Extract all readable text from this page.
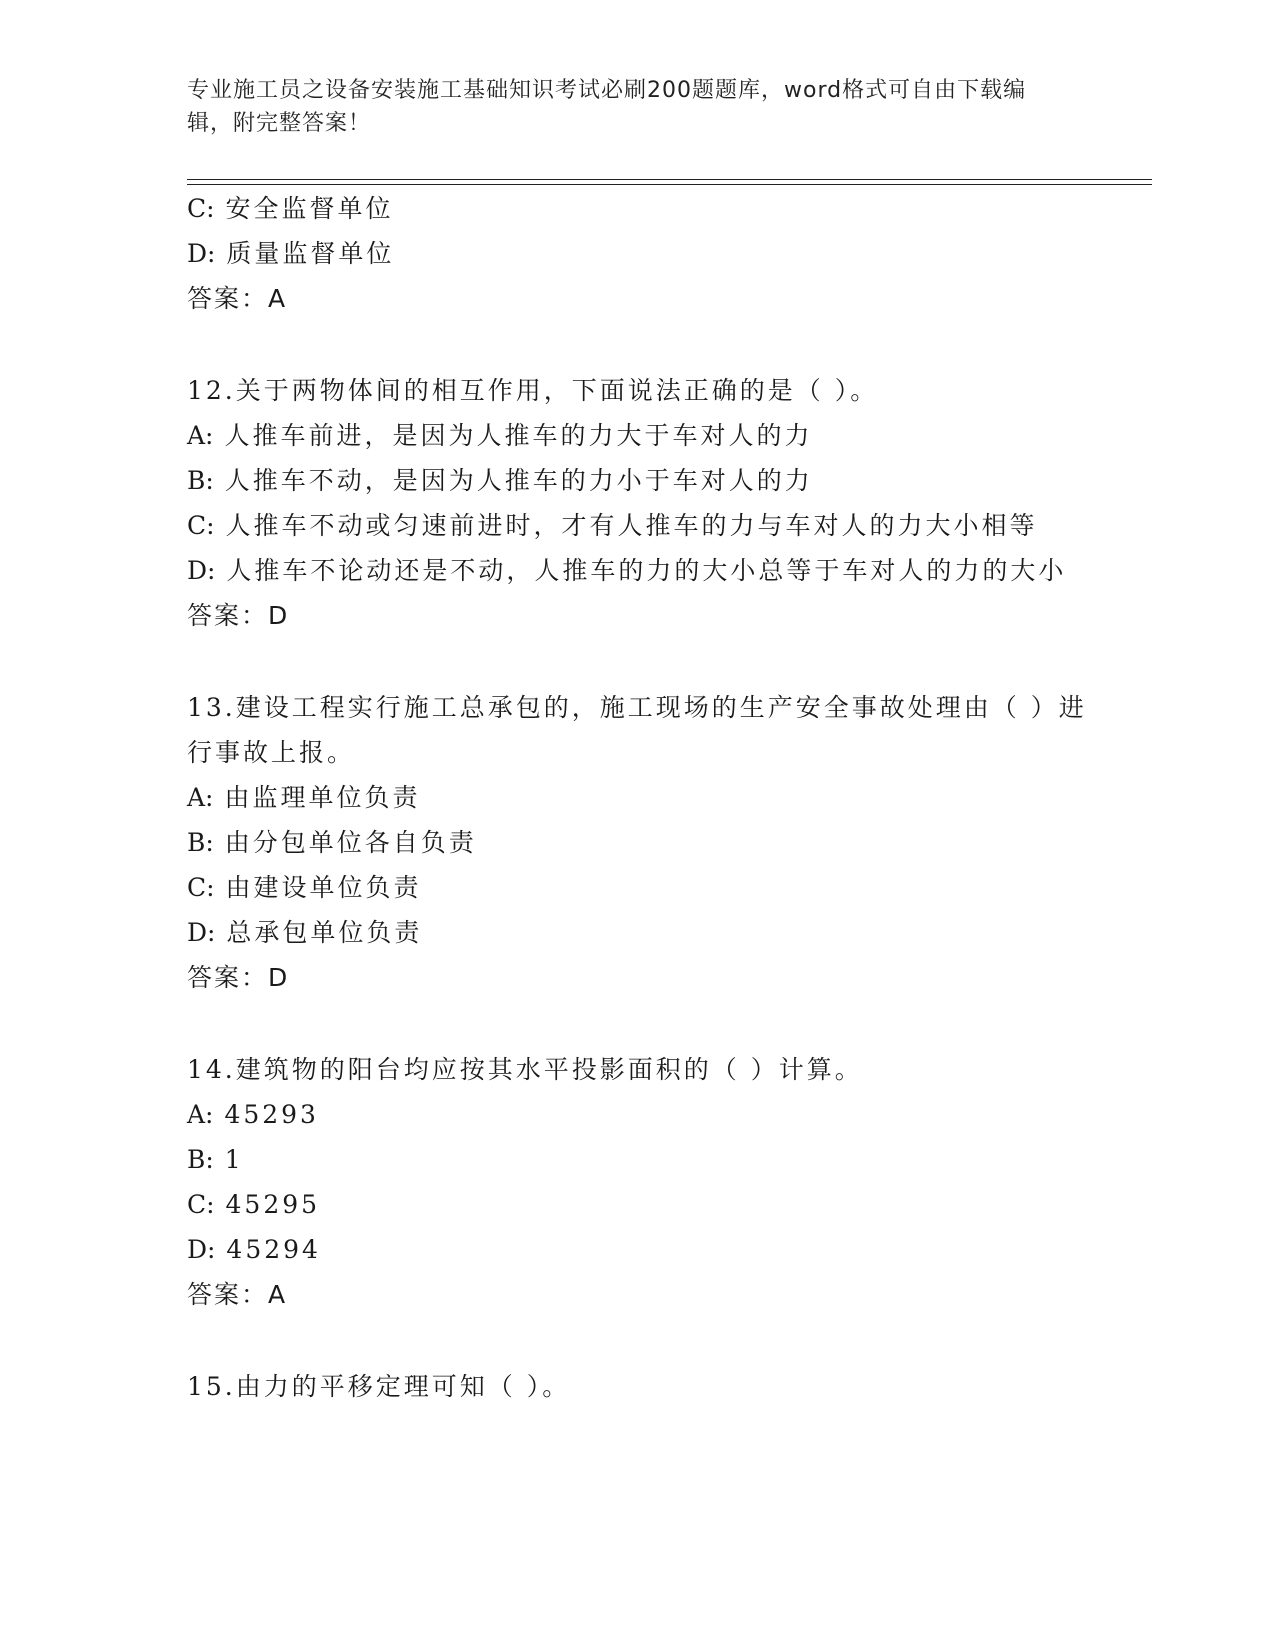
专业施工员之设备安装施工基础知识考试必刷200题题库，word格式可自由下载编辑，附完整答案！

C: 安全监督单位

D: 质量监督单位

答案：A

12.关于两物体间的相互作用，下面说法正确的是（ ）。

A: 人推车前进，是因为人推车的力大于车对人的力

B: 人推车不动，是因为人推车的力小于车对人的力

C: 人推车不动或匀速前进时，才有人推车的力与车对人的力大小相等

D: 人推车不论动还是不动，人推车的力的大小总等于车对人的力的大小

答案：D

13.建设工程实行施工总承包的，施工现场的生产安全事故处理由（ ）进行事故上报。

A: 由监理单位负责

B: 由分包单位各自负责

C: 由建设单位负责

D: 总承包单位负责

答案：D

14.建筑物的阳台均应按其水平投影面积的（ ）计算。

A: 45293

B: 1

C: 45295

D: 45294

答案：A

15.由力的平移定理可知（ ）。
